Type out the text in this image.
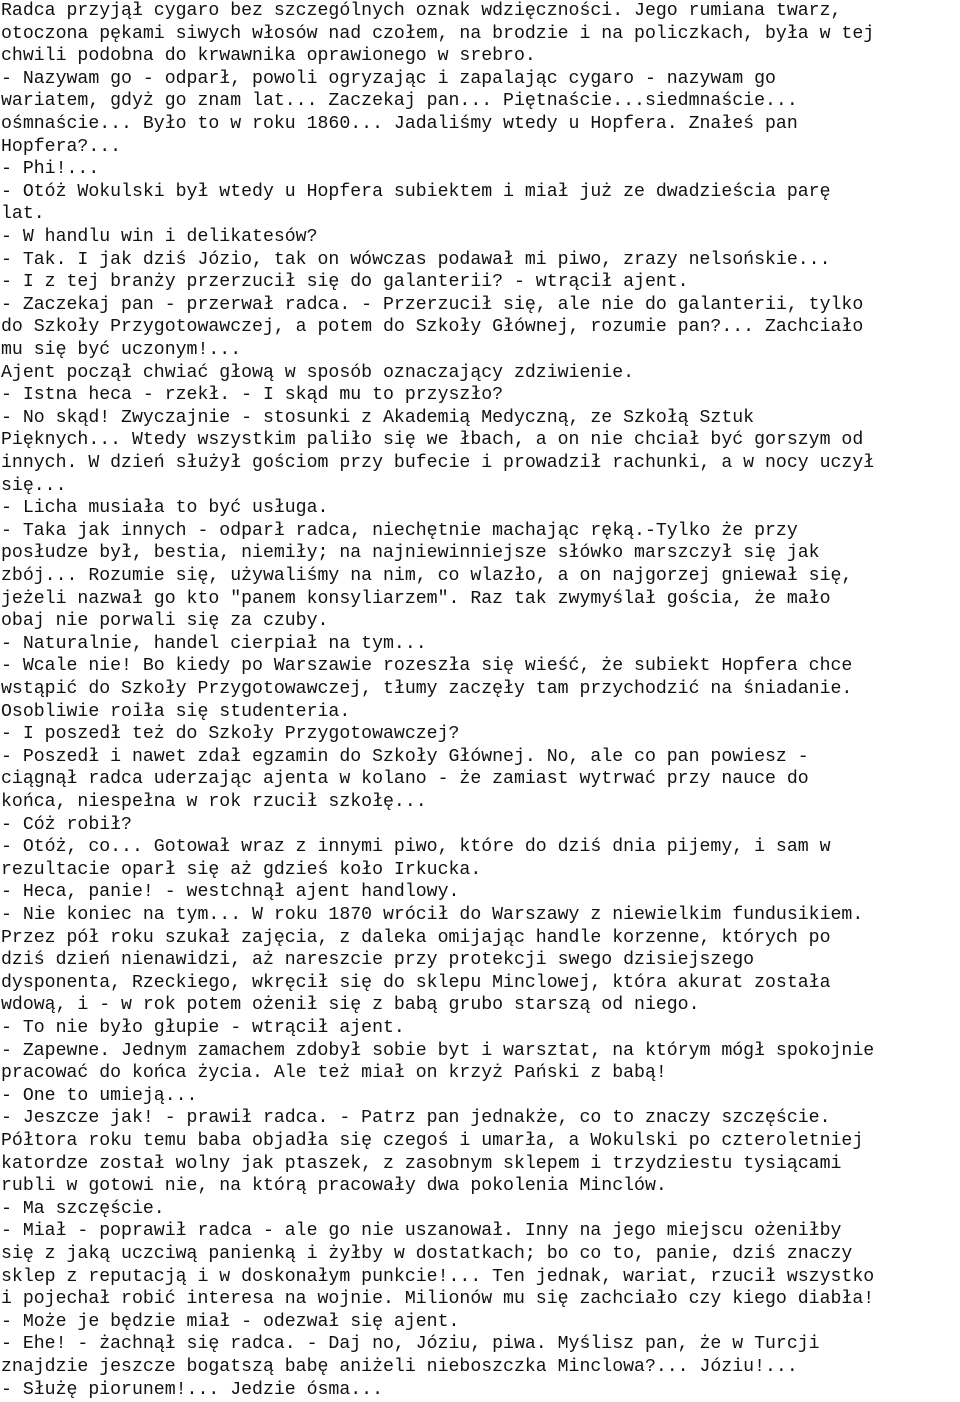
Radca przyjął cygaro bez szczególnych oznak wdzięczności. Jego rumiana twarz,
otoczona pękami siwych włosów nad czołem, na brodzie i na policzkach, była w tej
chwili podobna do krwawnika oprawionego w srebro.
- Nazywam go - odparł, powoli ogryzając i zapalając cygaro - nazywam go
wariatem, gdyż go znam lat... Zaczekaj pan... Piętnaście...siedmnaście...
ośmnaście... Było to w roku 1860... Jadaliśmy wtedy u Hopfera. Znałeś pan
Hopfera?...
- Phi!...
- Otóż Wokulski był wtedy u Hopfera subiektem i miał już ze dwadzieścia parę
lat.
- W handlu win i delikatesów?
- Tak. I jak dziś Józio, tak on wówczas podawał mi piwo, zrazy nelsońskie...
- I z tej branży przerzucił się do galanterii? - wtrącił ajent.
- Zaczekaj pan - przerwał radca. - Przerzucił się, ale nie do galanterii, tylko
do Szkoły Przygotowawczej, a potem do Szkoły Głównej, rozumie pan?... Zachciało
mu się być uczonym!...
Ajent począł chwiać głową w sposób oznaczający zdziwienie.
- Istna heca - rzekł. - I skąd mu to przyszło?
- No skąd! Zwyczajnie - stosunki z Akademią Medyczną, ze Szkołą Sztuk
Pięknych... Wtedy wszystkim paliło się we łbach, a on nie chciał być gorszym od
innych. W dzień służył gościom przy bufecie i prowadził rachunki, a w nocy uczył
się...
- Licha musiała to być usługa.
- Taka jak innych - odparł radca, niechętnie machając ręką.-Tylko że przy
posłudze był, bestia, niemiły; na najniewinniejsze słówko marszczył się jak
zbój... Rozumie się, używaliśmy na nim, co wlazło, a on najgorzej gniewał się,
jeżeli nazwał go kto "panem konsyliarzem". Raz tak zwymyślał gościa, że mało
obaj nie porwali się za czuby.
- Naturalnie, handel cierpiał na tym...
- Wcale nie! Bo kiedy po Warszawie rozeszła się wieść, że subiekt Hopfera chce
wstąpić do Szkoły Przygotowawczej, tłumy zaczęły tam przychodzić na śniadanie.
Osobliwie roiła się studenteria.
- I poszedł też do Szkoły Przygotowawczej?
- Poszedł i nawet zdał egzamin do Szkoły Głównej. No, ale co pan powiesz -
ciągnął radca uderzając ajenta w kolano - że zamiast wytrwać przy nauce do
końca, niespełna w rok rzucił szkołę...
- Cóż robił?
- Otóż, co... Gotował wraz z innymi piwo, które do dziś dnia pijemy, i sam w
rezultacie oparł się aż gdzieś koło Irkucka.
- Heca, panie! - westchnął ajent handlowy.
- Nie koniec na tym... W roku 1870 wrócił do Warszawy z niewielkim fundusikiem.
Przez pół roku szukał zajęcia, z daleka omijając handle korzenne, których po
dziś dzień nienawidzi, aż nareszcie przy protekcji swego dzisiejszego
dysponenta, Rzeckiego, wkręcił się do sklepu Minclowej, która akurat została
wdową, i - w rok potem ożenił się z babą grubo starszą od niego.
- To nie było głupie - wtrącił ajent.
- Zapewne. Jednym zamachem zdobył sobie byt i warsztat, na którym mógł spokojnie
pracować do końca życia. Ale też miał on krzyż Pański z babą!
- One to umieją...
- Jeszcze jak! - prawił radca. - Patrz pan jednakże, co to znaczy szczęście.
Półtora roku temu baba objadła się czegoś i umarła, a Wokulski po czteroletniej
katordze został wolny jak ptaszek, z zasobnym sklepem i trzydziestu tysiącami
rubli w gotowi nie, na którą pracowały dwa pokolenia Minclów.
- Ma szczęście.
- Miał - poprawił radca - ale go nie uszanował. Inny na jego miejscu ożeniłby
się z jaką uczciwą panienką i żyłby w dostatkach; bo co to, panie, dziś znaczy
sklep z reputacją i w doskonałym punkcie!... Ten jednak, wariat, rzucił wszystko
i pojechał robić interesa na wojnie. Milionów mu się zachciało czy kiego diabła!
- Może je będzie miał - odezwał się ajent.
- Ehe! - żachnął się radca. - Daj no, Józiu, piwa. Myślisz pan, że w Turcji
znajdzie jeszcze bogatszą babę aniżeli nieboszczka Minclowa?... Józiu!...
- Służę piorunem!... Jedzie ósma...
